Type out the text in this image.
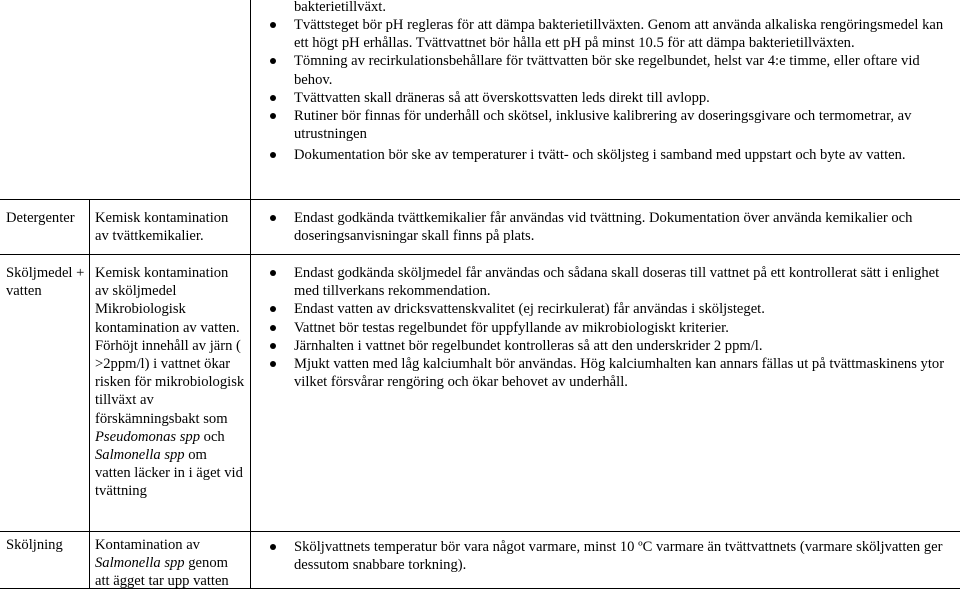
bakterietillväxt.
Tvättsteget bör pH regleras för att dämpa bakterietillväxten. Genom att använda alkaliska rengöringsmedel kan ett högt pH erhållas. Tvättvattnet bör hålla ett pH på minst 10.5 för att dämpa bakterietillväxten.
Tömning av recirkulationsbehållare för tvättvatten bör ske regelbundet, helst var 4:e timme, eller oftare vid behov.
Tvättvatten skall dräneras så att överskottsvatten leds direkt till avlopp.
Rutiner bör finnas för underhåll och skötsel, inklusive kalibrering av doseringsgivare och termometrar, av utrustningen
Dokumentation bör ske av temperaturer i tvätt- och sköljsteg i samband med uppstart och byte av vatten.
Detergenter	Kemisk kontamination av tvättkemikalier.
Endast godkända tvättkemikalier får användas vid tvättning. Dokumentation över använda kemikalier och doseringsanvisningar skall finns på plats.
Sköljmedel + vatten
Kemisk kontamination av sköljmedel
Mikrobiologisk kontamination av vatten. Förhöjt innehåll av järn ( >2ppm/l) i vattnet ökar risken för mikrobiologisk tillväxt av förskämningsbakt som Pseudomonas spp och Salmonella spp om vatten läcker in i äget vid tvättning
Endast godkända sköljmedel får användas och sådana skall doseras till vattnet på ett kontrollerat sätt i enlighet med tillverkans rekommendation.
Endast vatten av dricksvattenskvalitet (ej recirkulerat) får användas i sköljsteget.
Vattnet bör testas regelbundet för uppfyllande av mikrobiologiskt kriterier.
Järnhalten i vattnet bör regelbundet kontrolleras så att den underskrider 2 ppm/l.
Mjukt vatten med låg kalciumhalt bör användas. Hög kalciumhalten kan annars fällas ut på tvättmaskinens ytor vilket försvårar rengöring och ökar behovet av underhåll.
Sköljning	Kontamination av Salmonella spp genom att ägget tar upp vatten
Sköljvattnets temperatur bör vara något varmare, minst 10 ºC varmare än tvättvattnets (varmare sköljvatten ger dessutom snabbare torkning).
